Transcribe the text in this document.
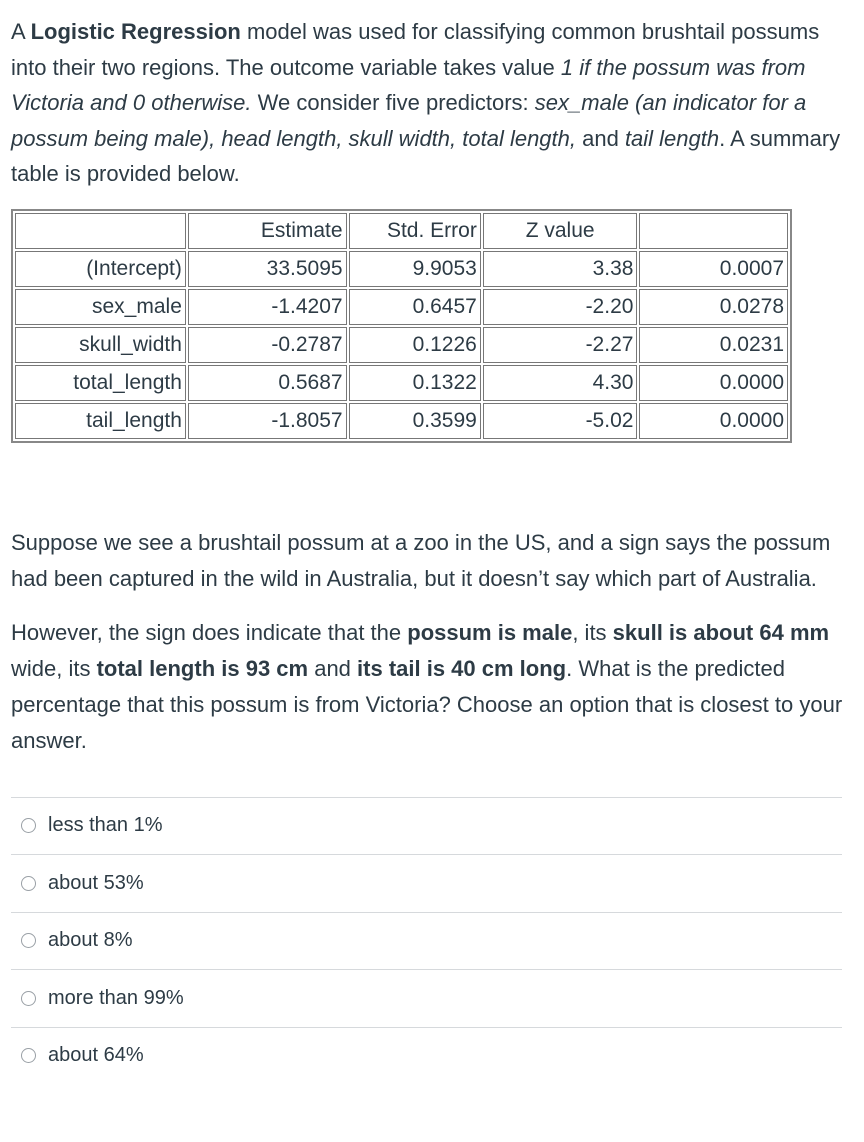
A Logistic Regression model was used for classifying common brushtail possums into their two regions. The outcome variable takes value 1 if the possum was from Victoria and 0 otherwise. We consider five predictors: sex_male (an indicator for a possum being male), head length, skull width, total length, and tail length. A summary table is provided below.

	Estimate	Std. Error	Z value	
(Intercept)	33.5095	9.9053	3.38	0.0007
sex_male	-1.4207	0.6457	-2.20	0.0278
skull_width	-0.2787	0.1226	-2.27	0.0231
total_length	0.5687	0.1322	4.30	0.0000
tail_length	-1.8057	0.3599	-5.02	0.0000

Suppose we see a brushtail possum at a zoo in the US, and a sign says the possum had been captured in the wild in Australia, but it doesn’t say which part of Australia.

However, the sign does indicate that the possum is male, its skull is about 64 mm wide, its total length is 93 cm and its tail is 40 cm long. What is the predicted percentage that this possum is from Victoria? Choose an option that is closest to your answer.

less than 1%
about 53%
about 8%
more than 99%
about 64%
